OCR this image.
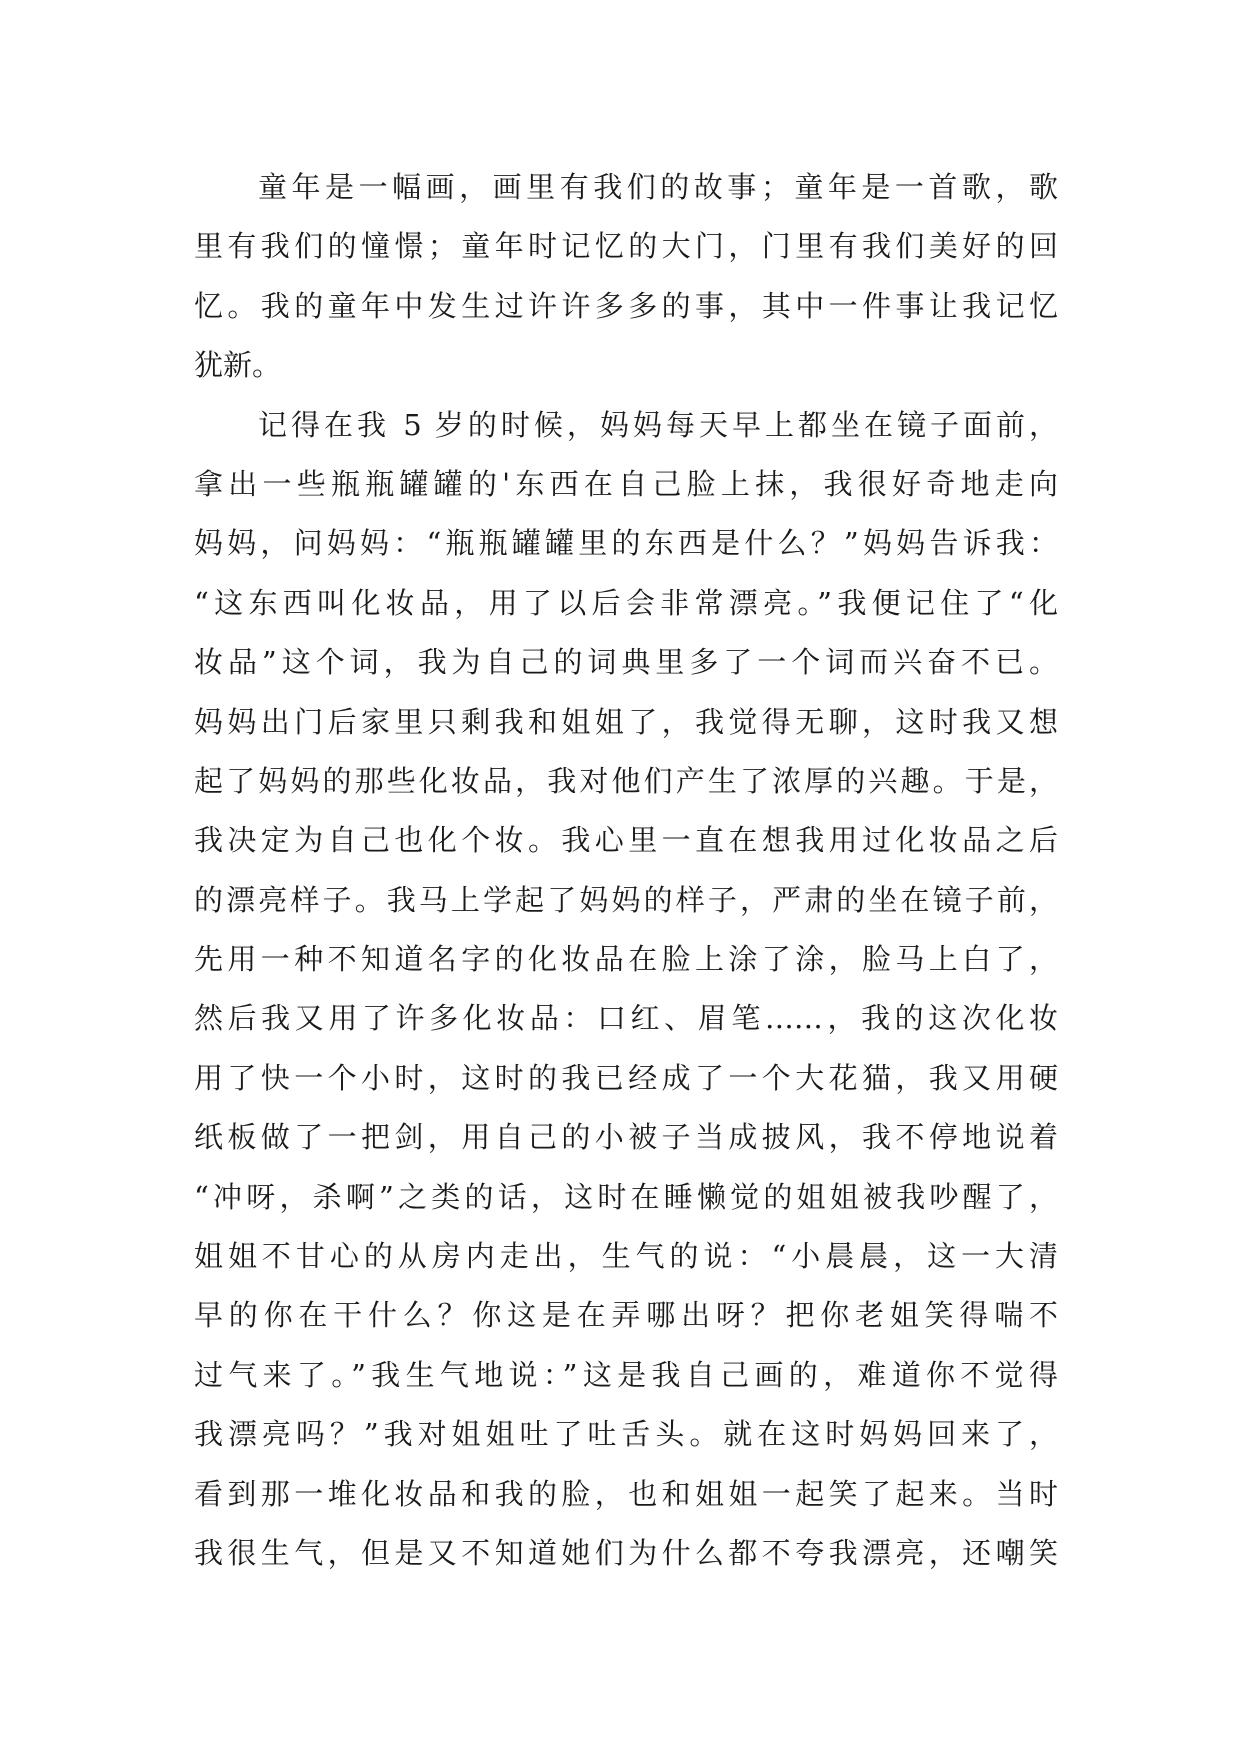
童年是一幅画，画里有我们的故事；童年是一首歌，歌
里有我们的憧憬；童年时记忆的大门，门里有我们美好的回
忆。我的童年中发生过许许多多的事，其中一件事让我记忆
犹新。

记得在我 5 岁的时候，妈妈每天早上都坐在镜子面前，
拿出一些瓶瓶罐罐的'东西在自己脸上抹，我很好奇地走向
妈妈，问妈妈：“瓶瓶罐罐里的东西是什么？”妈妈告诉我：
“这东西叫化妆品，用了以后会非常漂亮。”我便记住了“化
妆品”这个词，我为自己的词典里多了一个词而兴奋不已。
妈妈出门后家里只剩我和姐姐了，我觉得无聊，这时我又想
起了妈妈的那些化妆品，我对他们产生了浓厚的兴趣。于是，
我决定为自己也化个妆。我心里一直在想我用过化妆品之后
的漂亮样子。我马上学起了妈妈的样子，严肃的坐在镜子前，
先用一种不知道名字的化妆品在脸上涂了涂，脸马上白了，
然后我又用了许多化妆品：口红、眉笔……，我的这次化妆
用了快一个小时，这时的我已经成了一个大花猫，我又用硬
纸板做了一把剑，用自己的小被子当成披风，我不停地说着
“冲呀，杀啊”之类的话，这时在睡懒觉的姐姐被我吵醒了，
姐姐不甘心的从房内走出，生气的说：“小晨晨，这一大清
早的你在干什么？你这是在弄哪出呀？把你老姐笑得喘不
过气来了。”我生气地说：”这是我自己画的，难道你不觉得
我漂亮吗？”我对姐姐吐了吐舌头。就在这时妈妈回来了，
看到那一堆化妆品和我的脸，也和姐姐一起笑了起来。当时
我很生气，但是又不知道她们为什么都不夸我漂亮，还嘲笑
